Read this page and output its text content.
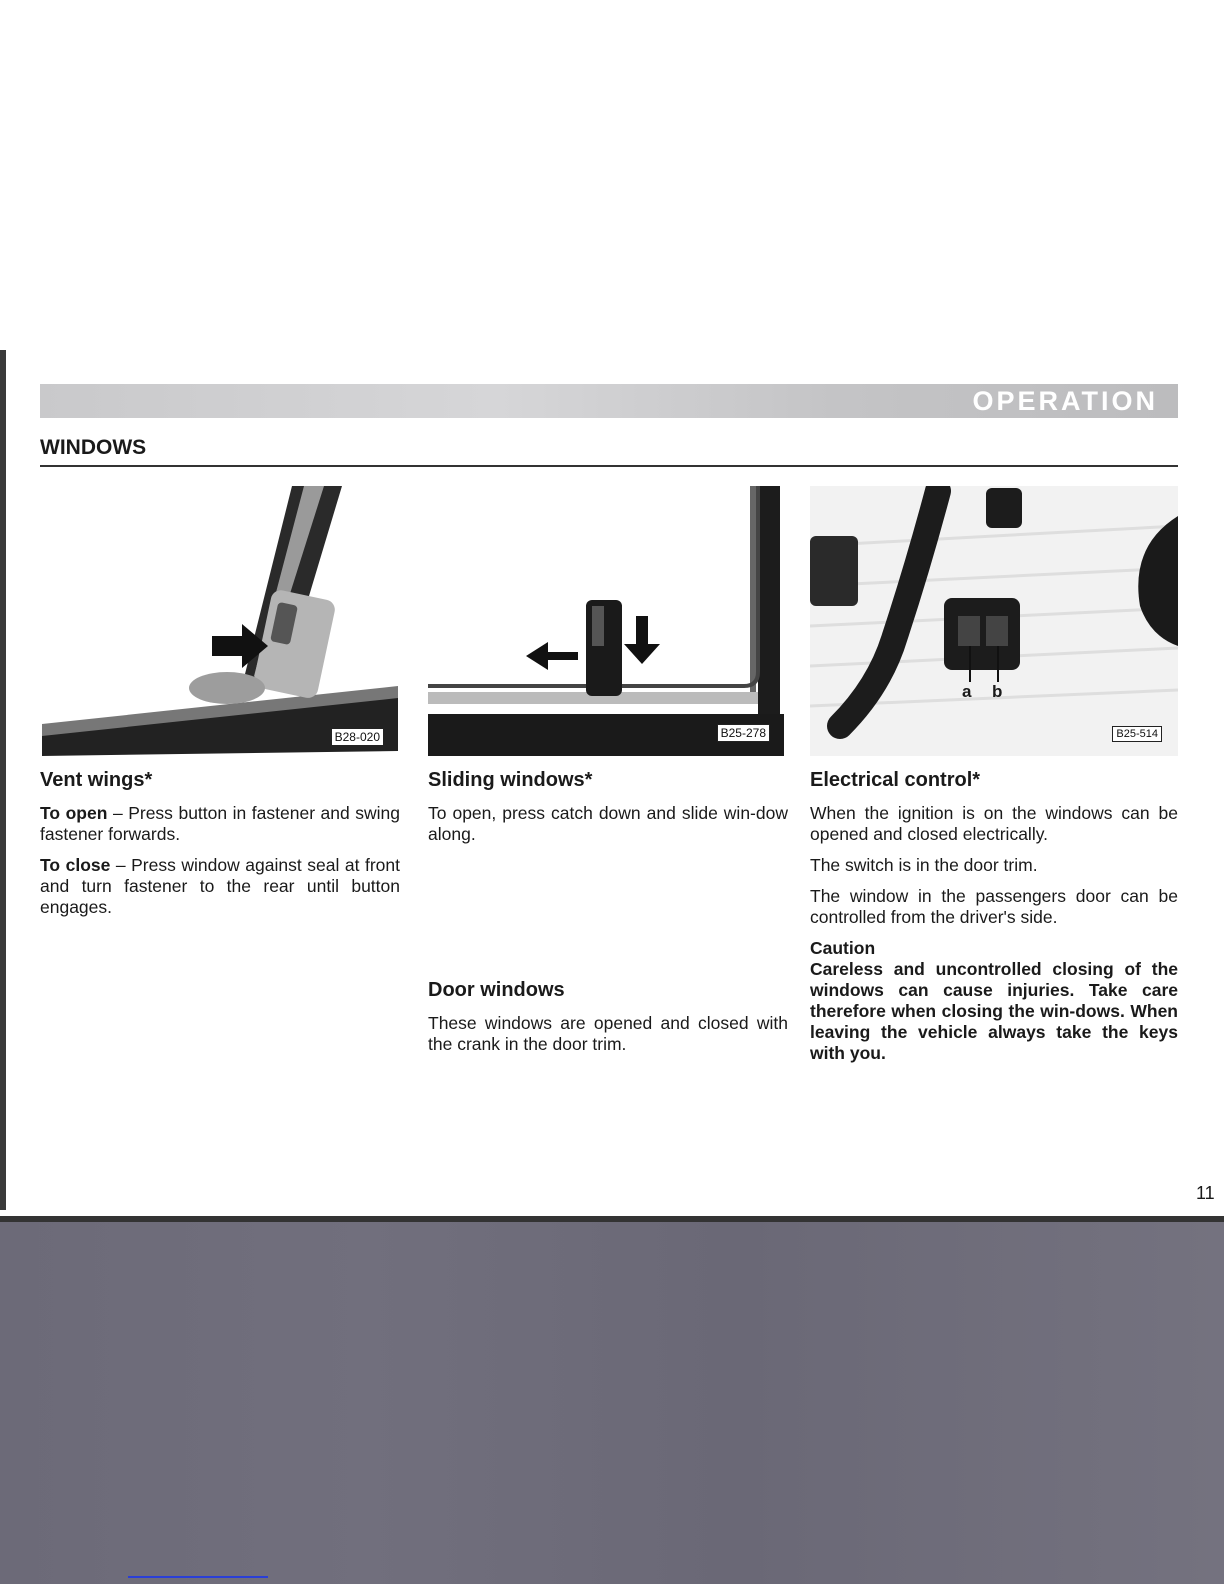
OPERATION
WINDOWS
B28-020	B25-278
a b
B25-514
Vent wings*

To open – Press button in fastener and swing fastener forwards.

To close – Press window against seal at front and turn fastener to the rear until button engages.

Sliding windows*

To open, press catch down and slide win-dow along.

Door windows

These windows are opened and closed with the crank in the door trim.

Electrical control*

When the ignition is on the windows can be opened and closed electrically.

The switch is in the door trim.

The window in the passengers door can be controlled from the driver's side.

Caution

Careless and uncontrolled closing of the windows can cause injuries. Take care therefore when closing the win-dows. When leaving the vehicle always take the keys with you.

11
